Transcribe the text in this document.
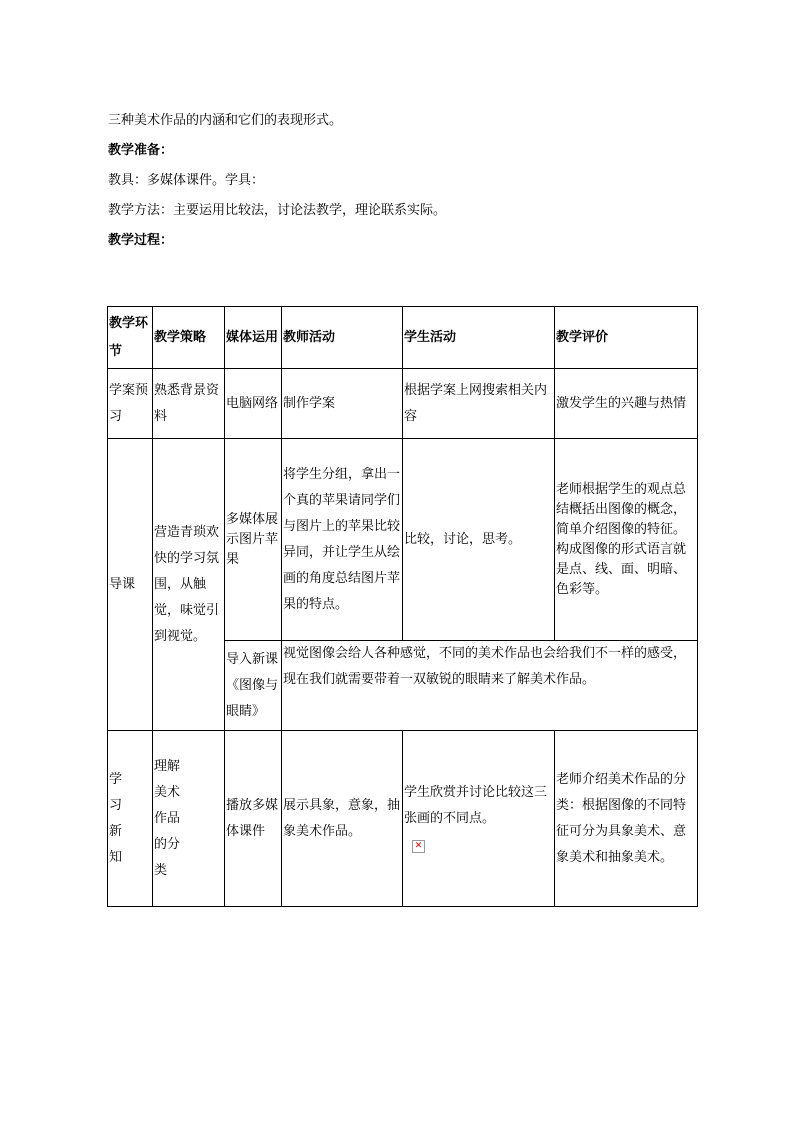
三种美术作品的内涵和它们的表现形式。

教学准备：

教具：多媒体课件。学具：

教学方法：主要运用比较法，讨论法教学，理论联系实际。

教学过程：

教学环节	教学策略	媒体运用	教师活动	学生活动	教学评价
学案预习	熟悉背景资料	电脑网络	制作学案	根据学案上网搜索相关内容	激发学生的兴趣与热情
导课	营造青琐欢快的学习氛围，从触觉，味觉引到视觉。	多媒体展示图片苹果	将学生分组，拿出一个真的苹果请同学们与图片上的苹果比较异同，并让学生从绘画的角度总结图片苹果的特点。	比较，讨论，思考。	老师根据学生的观点总结概括出图像的概念，简单介绍图像的特征。构成图像的形式语言就是点、线、面、明暗、色彩等。
		导入新课《图像与眼睛》	视觉图像会给人各种感觉，不同的美术作品也会给我们不一样的感受，现在我们就需要带着一双敏锐的眼睛来了解美术作品。		

学
习
新
知	理解
美术
作品
的分
类	播放多媒体课件	展示具象，意象，抽象美术作品。	学生欣赏并讨论比较这三张画的不同点。
✕	老师介绍美术作品的分类：根据图像的不同特征可分为具象美术、意象美术和抽象美术。
